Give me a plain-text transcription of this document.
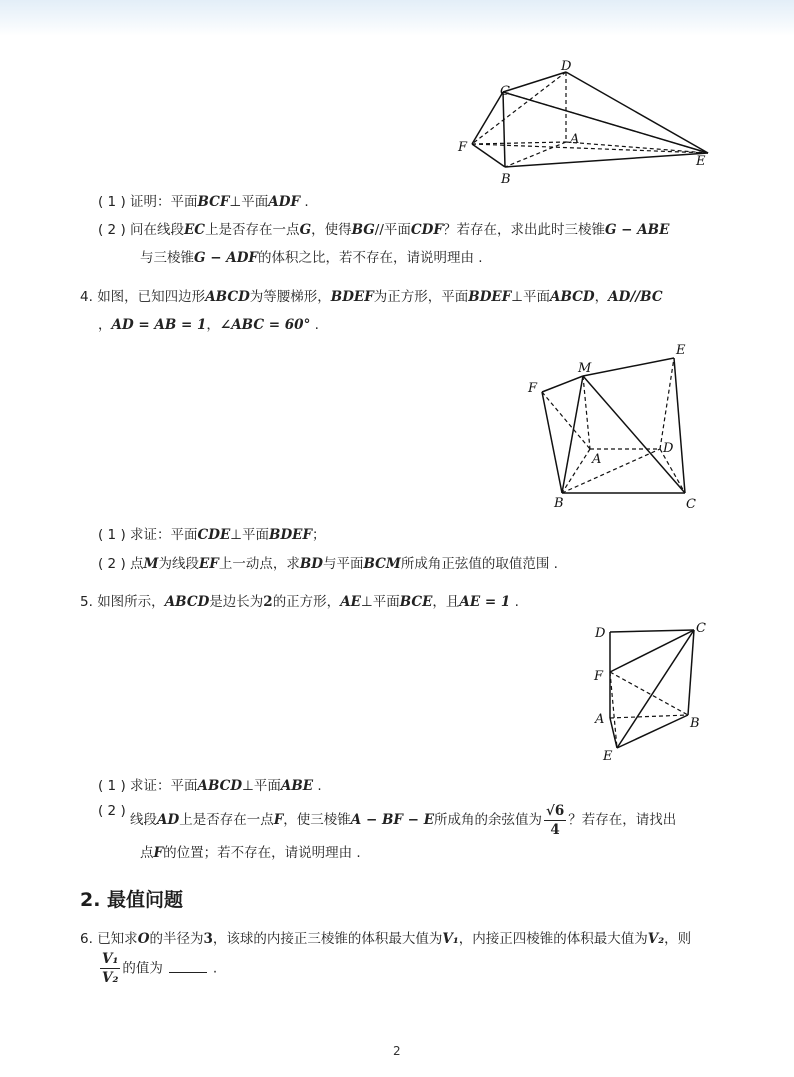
D
C
A
F
B
E
( 1 ) 证明：平面BCF⊥平面ADF .
( 2 ) 问在线段EC上是否存在一点G，使得BG//平面CDF？若存在，求出此时三棱锥G − ABE
与三棱锥G − ADF的体积之比，若不存在，请说明理由 .
4. 如图，已知四边形ABCD为等腰梯形，BDEF为正方形，平面BDEF⊥平面ABCD，AD//BC
，AD = AB = 1，∠ABC = 60° .
E
M
F
D
A
B	C
( 1 ) 求证：平面CDE⊥平面BDEF；
( 2 ) 点M为线段EF上一动点，求BD与平面BCM所成角正弦值的取值范围 .
5. 如图所示，ABCD是边长为2的正方形，AE⊥平面BCE，且AE = 1 .
D	C
F
A	B
E
( 1 ) 求证：平面ABCD⊥平面ABE .
( 2 ) 线段AD上是否存在一点F，使三棱锥A − BF − E所成角的余弦值为 $\frac{√6}{4}$ ？若存在，请找出
点F的位置；若不存在，请说明理由 .
2. 最值问题
6. 已知求O的半径为3，该球的内接正三棱锥的体积最大值为V₁，内接正四棱锥的体积最大值为V₂，则
$\frac{\text{V₁}}{\text{V₂}}$ 的值为	.
2
